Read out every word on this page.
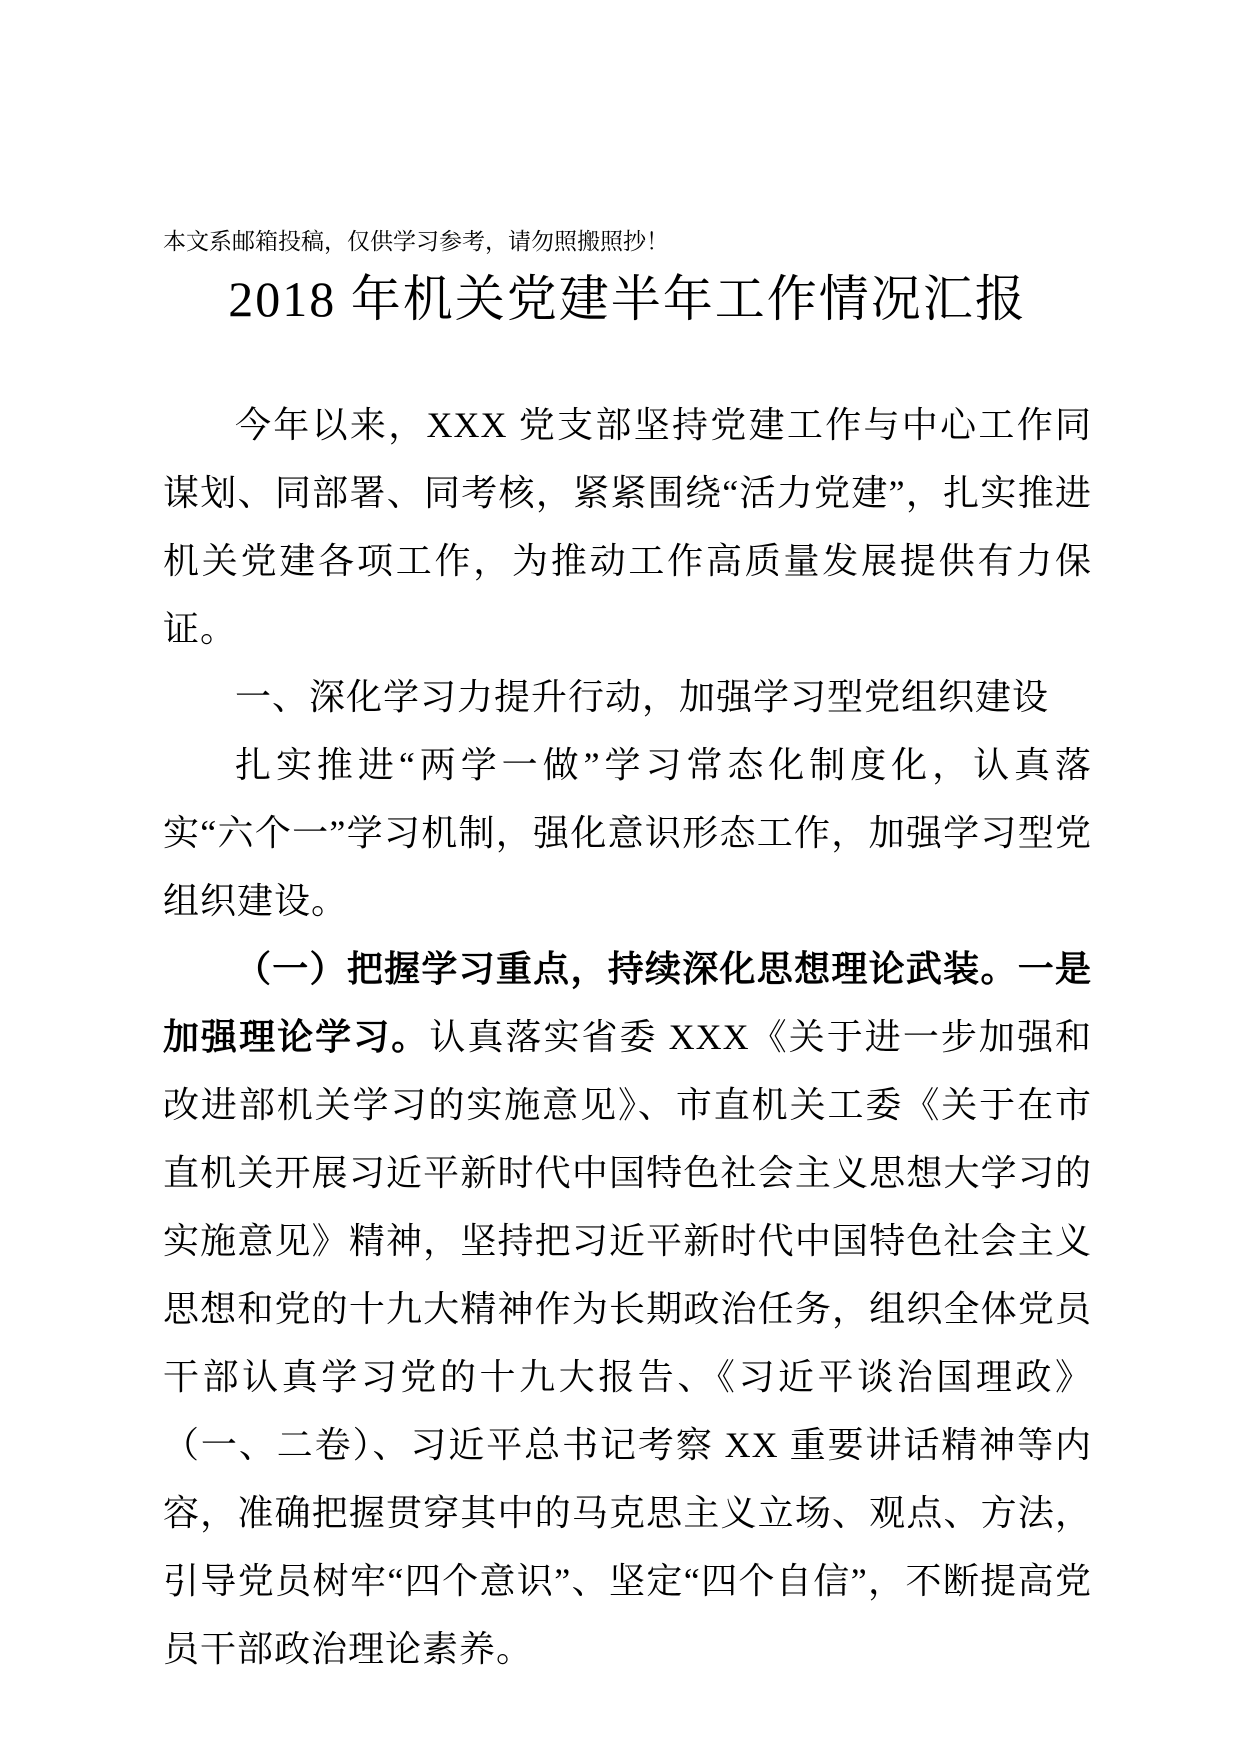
本文系邮箱投稿，仅供学习参考，请勿照搬照抄！

2018 年机关党建半年工作情况汇报

今年以来，XXX 党支部坚持党建工作与中心工作同谋划、同部署、同考核，紧紧围绕“活力党建”，扎实推进机关党建各项工作，为推动工作高质量发展提供有力保证。

一、深化学习力提升行动，加强学习型党组织建设

扎实推进“两学一做”学习常态化制度化，认真落实“六个一”学习机制，强化意识形态工作，加强学习型党组织建设。

（一）把握学习重点，持续深化思想理论武装。一是加强理论学习。认真落实省委 XXX《关于进一步加强和改进部机关学习的实施意见》、市直机关工委《关于在市直机关开展习近平新时代中国特色社会主义思想大学习的实施意见》精神，坚持把习近平新时代中国特色社会主义思想和党的十九大精神作为长期政治任务，组织全体党员干部认真学习党的十九大报告、《习近平谈治国理政》（一、二卷）、习近平总书记考察 XX 重要讲话精神等内容，准确把握贯穿其中的马克思主义立场、观点、方法，引导党员树牢“四个意识”、坚定“四个自信”，不断提高党员干部政治理论素养。
